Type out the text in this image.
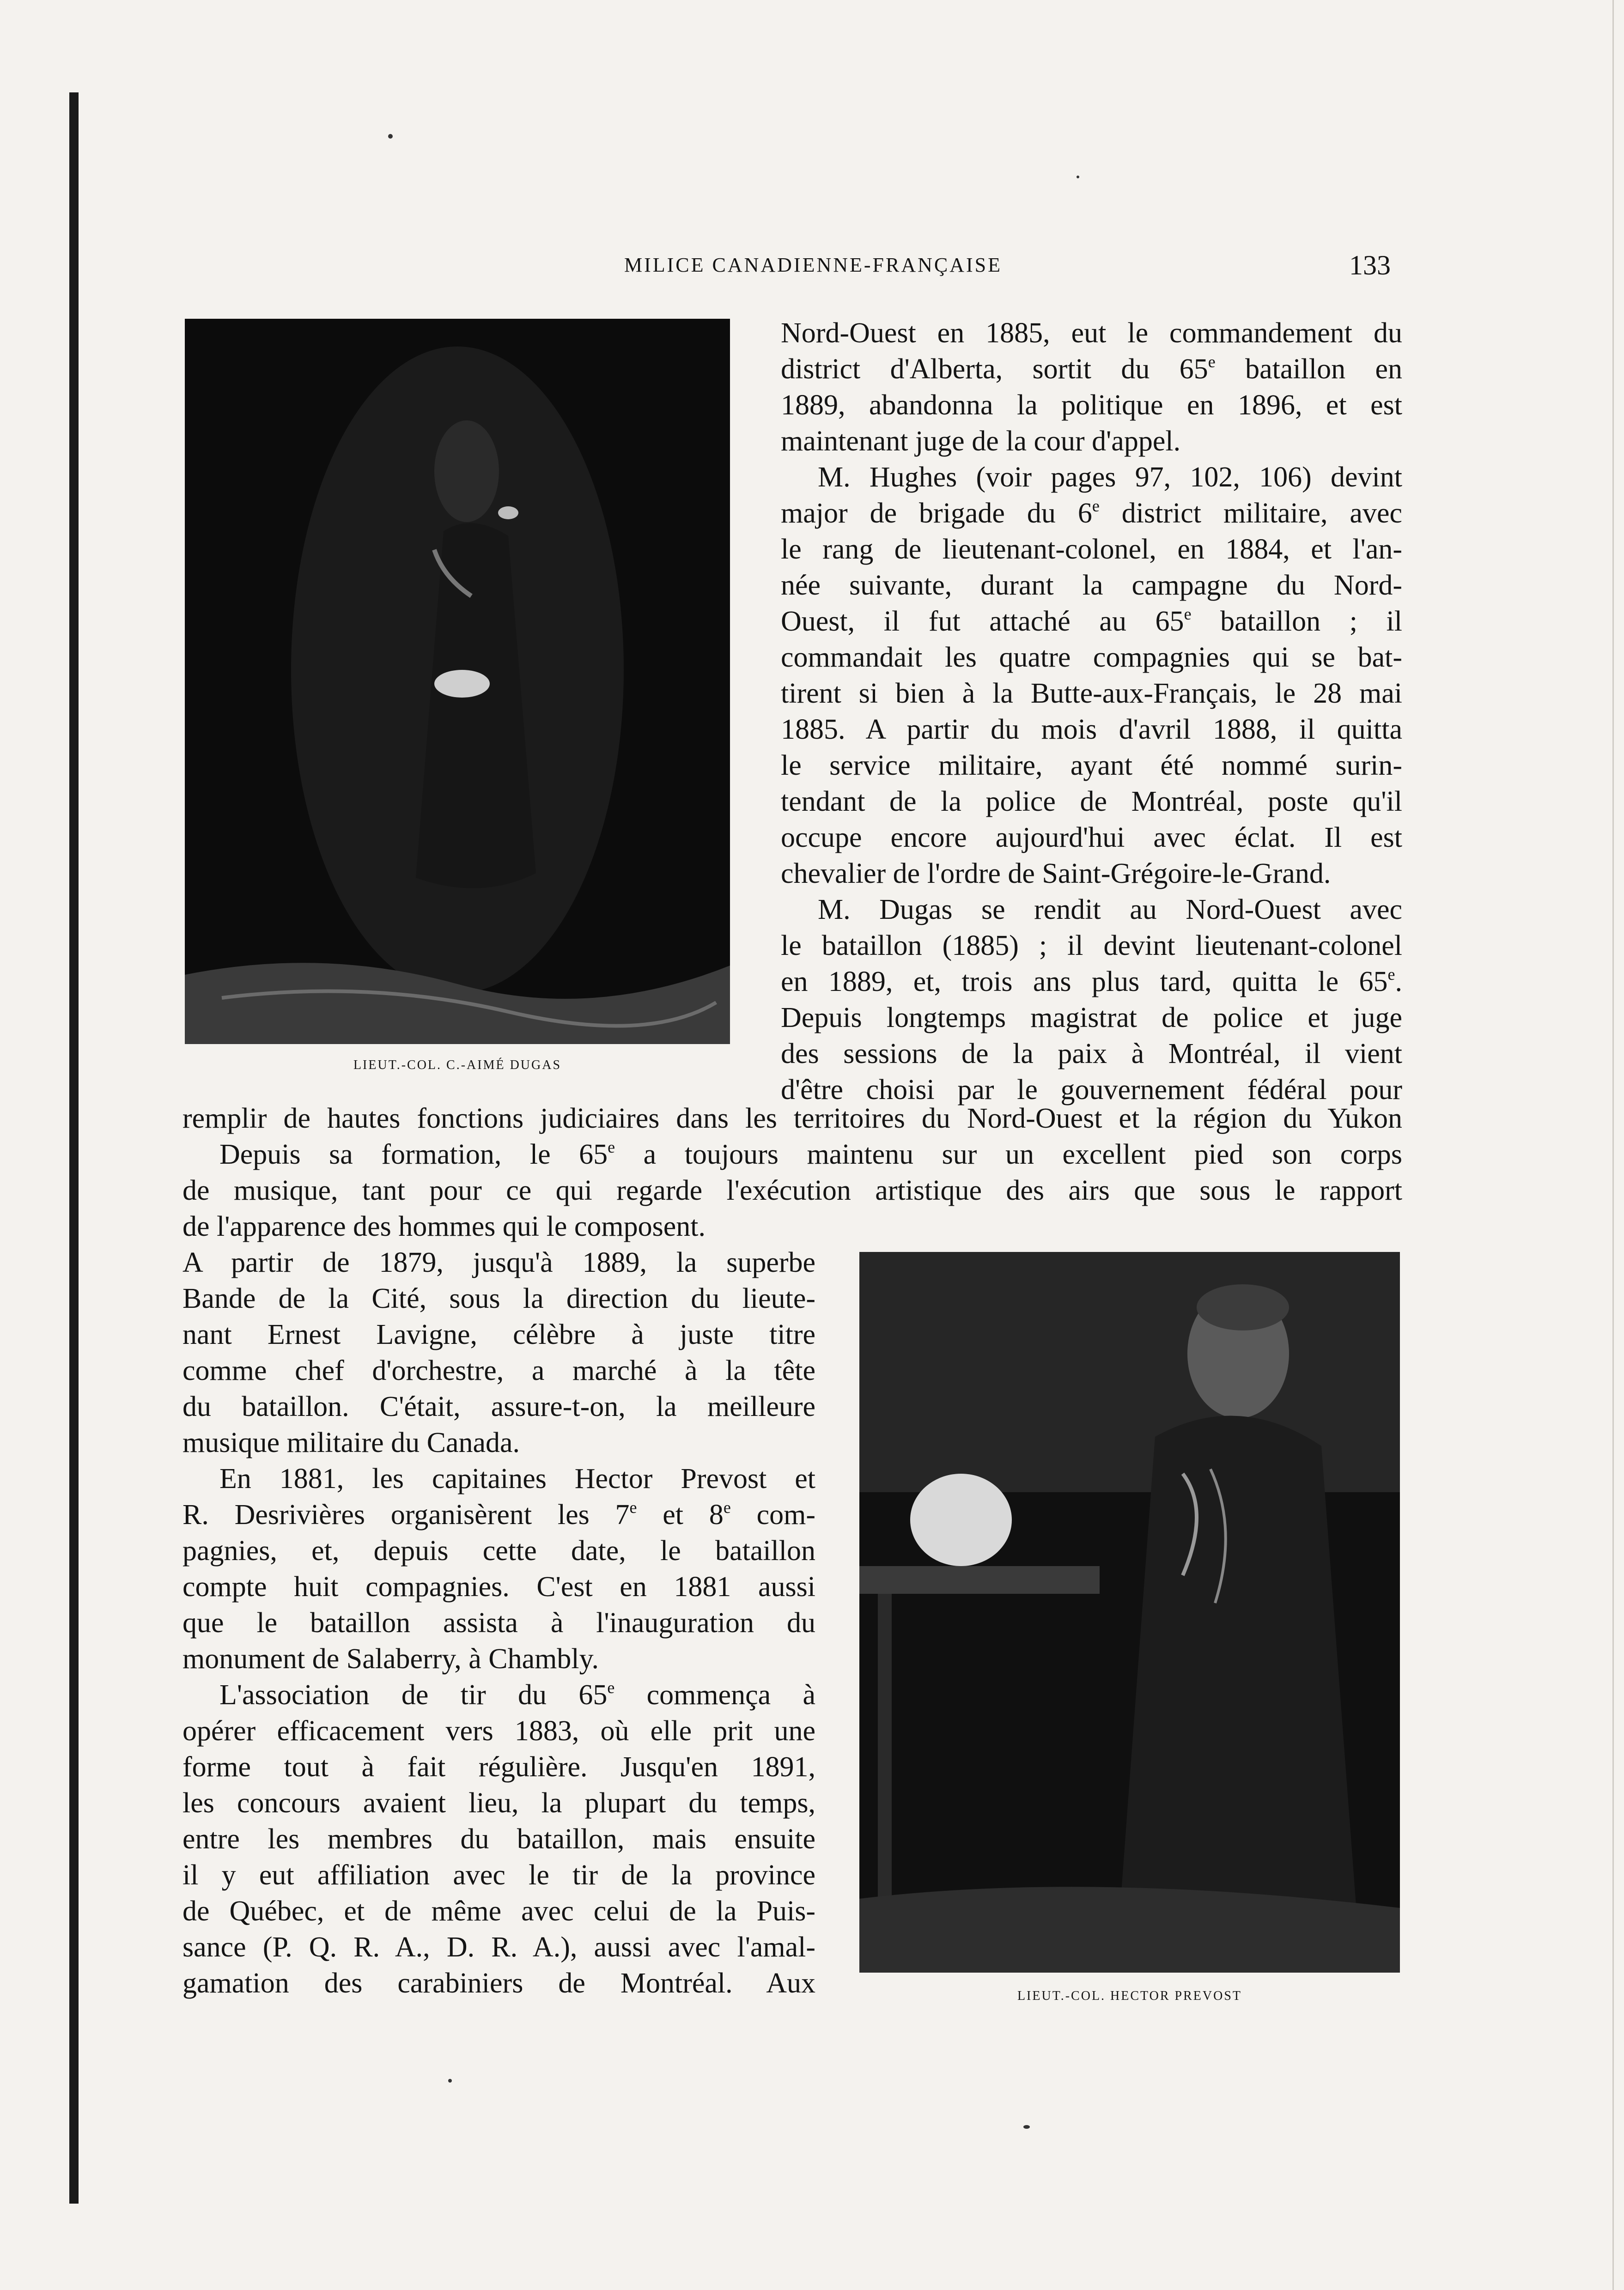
MILICE CANADIENNE-FRANÇAISE	133
LIEUT.-COL. C.-AIMÉ DUGAS
LIEUT.-COL. HECTOR PREVOST
Nord-Ouest en 1885, eut le commandement du
district d'Alberta, sortit du 65e bataillon en
1889, abandonna la politique en 1896, et est
maintenant juge de la cour d'appel.
M. Hughes (voir pages 97, 102, 106) devint
major de brigade du 6e district militaire, avec
le rang de lieutenant-colonel, en 1884, et l'an-
née suivante, durant la campagne du Nord-
Ouest, il fut attaché au 65e bataillon ; il
commandait les quatre compagnies qui se bat-
tirent si bien à la Butte-aux-Français, le 28 mai
1885. A partir du mois d'avril 1888, il quitta
le service militaire, ayant été nommé surin-
tendant de la police de Montréal, poste qu'il
occupe encore aujourd'hui avec éclat. Il est
chevalier de l'ordre de Saint-Grégoire-le-Grand.
M. Dugas se rendit au Nord-Ouest avec
le bataillon (1885) ; il devint lieutenant-colonel
en 1889, et, trois ans plus tard, quitta le 65e.
Depuis longtemps magistrat de police et juge
des sessions de la paix à Montréal, il vient
d'être choisi par le gouvernement fédéral pour
remplir de hautes fonctions judiciaires dans les territoires du Nord-Ouest et la région du Yukon
Depuis sa formation, le 65e a toujours maintenu sur un excellent pied son corps
de musique, tant pour ce qui regarde l'exécution artistique des airs que sous le rapport
de l'apparence des hommes qui le composent.
A partir de 1879, jusqu'à 1889, la superbe
Bande de la Cité, sous la direction du lieute-
nant Ernest Lavigne, célèbre à juste titre
comme chef d'orchestre, a marché à la tête
du bataillon. C'était, assure-t-on, la meilleure
musique militaire du Canada.
En 1881, les capitaines Hector Prevost et
R. Desrivières organisèrent les 7e et 8e com-
pagnies, et, depuis cette date, le bataillon
compte huit compagnies. C'est en 1881 aussi
que le bataillon assista à l'inauguration du
monument de Salaberry, à Chambly.
L'association de tir du 65e commença à
opérer efficacement vers 1883, où elle prit une
forme tout à fait régulière. Jusqu'en 1891,
les concours avaient lieu, la plupart du temps,
entre les membres du bataillon, mais ensuite
il y eut affiliation avec le tir de la province
de Québec, et de même avec celui de la Puis-
sance (P. Q. R. A., D. R. A.), aussi avec l'amal-
gamation des carabiniers de Montréal. Aux
